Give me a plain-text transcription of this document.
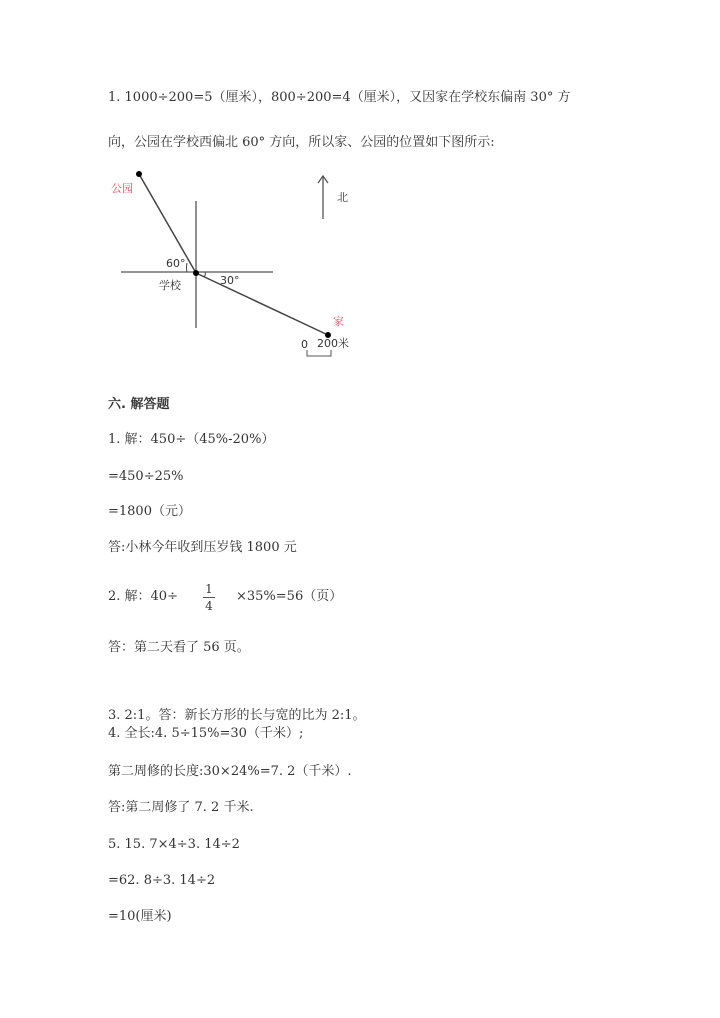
1. 1000÷200=5（厘米），800÷200=4（厘米），又因家在学校东偏南 30° 方
向，公园在学校西偏北 60° 方向，所以家、公园的位置如下图所示:
北
公园
家
60°
30°
学校
0 200米
六. 解答题
1. 解：450÷（45%-20%）
=450÷25%
=1800（元）
答:小林今年收到压岁钱 1800 元
2. 解：40÷ 1
4
×35%=56（页）
答：第二天看了 56 页。
3. 2:1。答：新长方形的长与宽的比为 2:1。
4. 全长:4. 5÷15%=30（千米）;
第二周修的长度:30×24%=7. 2（千米）.
答:第二周修了 7. 2 千米.
5. 15. 7×4÷3. 14÷2
=62. 8÷3. 14÷2
=10(厘米)
